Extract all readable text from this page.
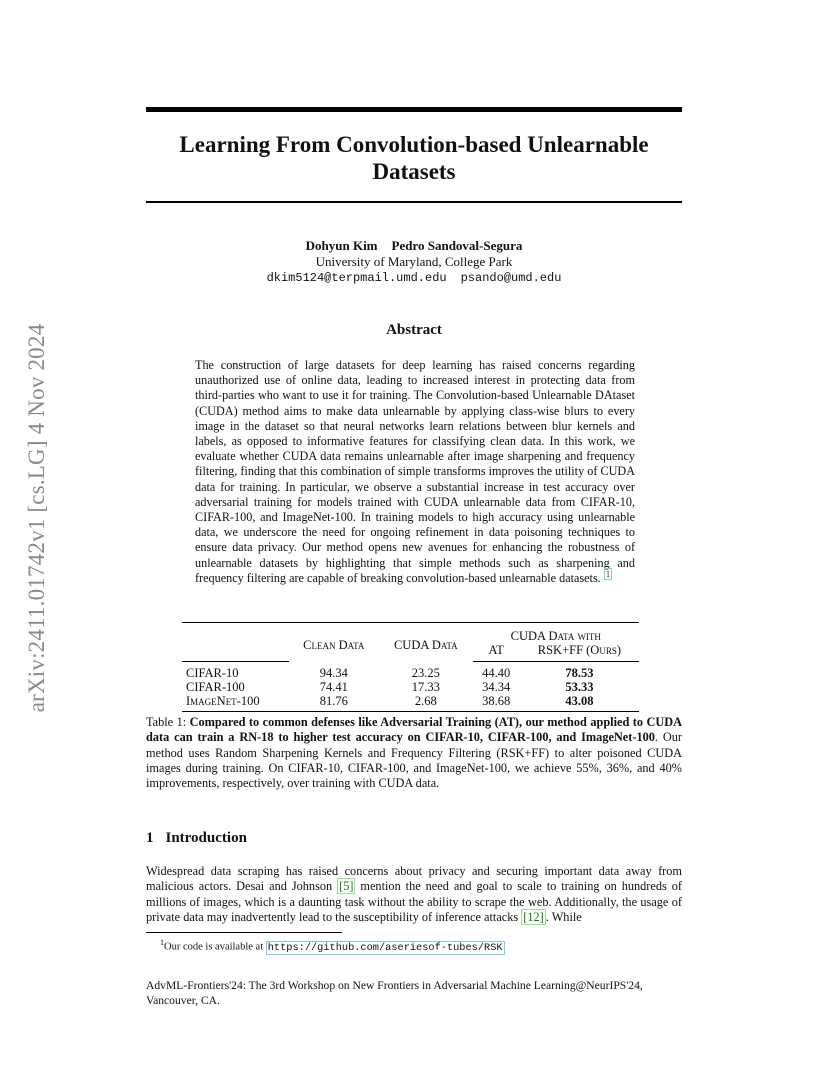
arXiv:2411.01742v1 [cs.LG] 4 Nov 2024
Learning From Convolution-based Unlearnable Datasets
Dohyun Kim Pedro Sandoval-Segura
University of Maryland, College Park
dkim5124@terpmail.umd.edu psando@umd.edu
Abstract

The construction of large datasets for deep learning has raised concerns regarding unauthorized use of online data, leading to increased interest in protecting data from third-parties who want to use it for training. The Convolution-based Unlearnable DAtaset (CUDA) method aims to make data unlearnable by applying class-wise blurs to every image in the dataset so that neural networks learn relations between blur kernels and labels, as opposed to informative features for classifying clean data. In this work, we evaluate whether CUDA data remains unlearnable after image sharpening and frequency filtering, finding that this combination of simple transforms improves the utility of CUDA data for training. In particular, we observe a substantial increase in test accuracy over adversarial training for models trained with CUDA unlearnable data from CIFAR-10, CIFAR-100, and ImageNet-100. In training models to high accuracy using unlearnable data, we underscore the need for ongoing refinement in data poisoning techniques to ensure data privacy. Our method opens new avenues for enhancing the robustness of unlearnable datasets by highlighting that simple methods such as sharpening and frequency filtering are capable of breaking convolution-based unlearnable datasets. $^1$

	Clean Data	CUDA Data	CUDA Data with	
			AT	RSK+FF (Ours)
CIFAR-10	94.34	23.25	44.40	78.53
CIFAR-100	74.41	17.33	34.34	53.33
ImageNet-100	81.76	2.68	38.68	43.08

Table 1: Compared to common defenses like Adversarial Training (AT), our method applied to CUDA data can train a RN-18 to higher test accuracy on CIFAR-10, CIFAR-100, and ImageNet-100. Our method uses Random Sharpening Kernels and Frequency Filtering (RSK+FF) to alter poisoned CUDA images during training. On CIFAR-10, CIFAR-100, and ImageNet-100, we achieve 55%, 36%, and 40% improvements, respectively, over training with CUDA data.

1 Introduction

Widespread data scraping has raised concerns about privacy and securing important data away from malicious actors. Desai and Johnson [5] mention the need and goal to scale to training on hundreds of millions of images, which is a daunting task without the ability to scrape the web. Additionally, the usage of private data may inadvertently lead to the susceptibility of inference attacks [12] . While

$^1$Our code is available at https://github.com/aseriesof-tubes/RSK

AdvML-Frontiers'24: The 3rd Workshop on New Frontiers in Adversarial Machine Learning@NeurIPS'24, Vancouver, CA.
